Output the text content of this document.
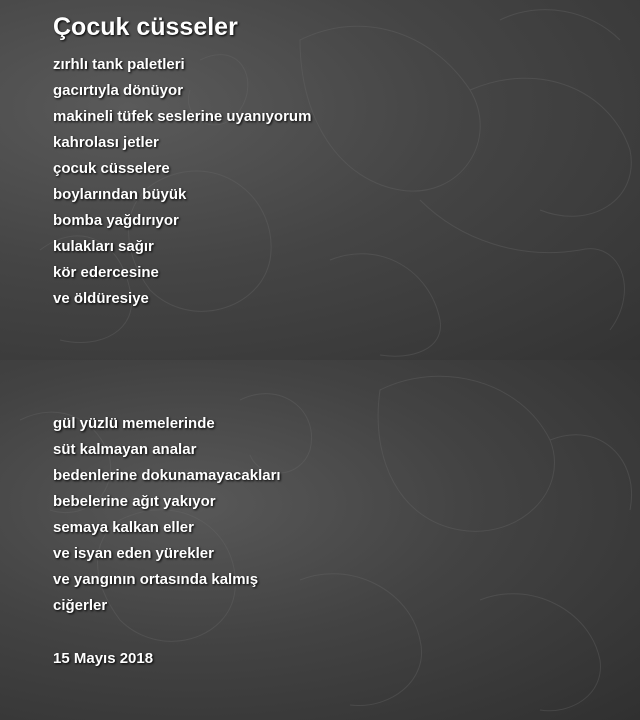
Çocuk cüsseler
zırhlı tank paletleri
gacırtıyla dönüyor
makineli tüfek seslerine uyanıyorum
kahrolası jetler
çocuk cüsselere
boylarından büyük
bomba yağdırıyor
kulakları sağır
kör edercesine
ve öldüresiye
gül yüzlü memelerinde
süt kalmayan analar
bedenlerine dokunamayacakları
bebelerine ağıt yakıyor
semaya kalkan eller
ve isyan eden yürekler
ve yangının ortasında kalmış
ciğerler
15 Mayıs 2018
